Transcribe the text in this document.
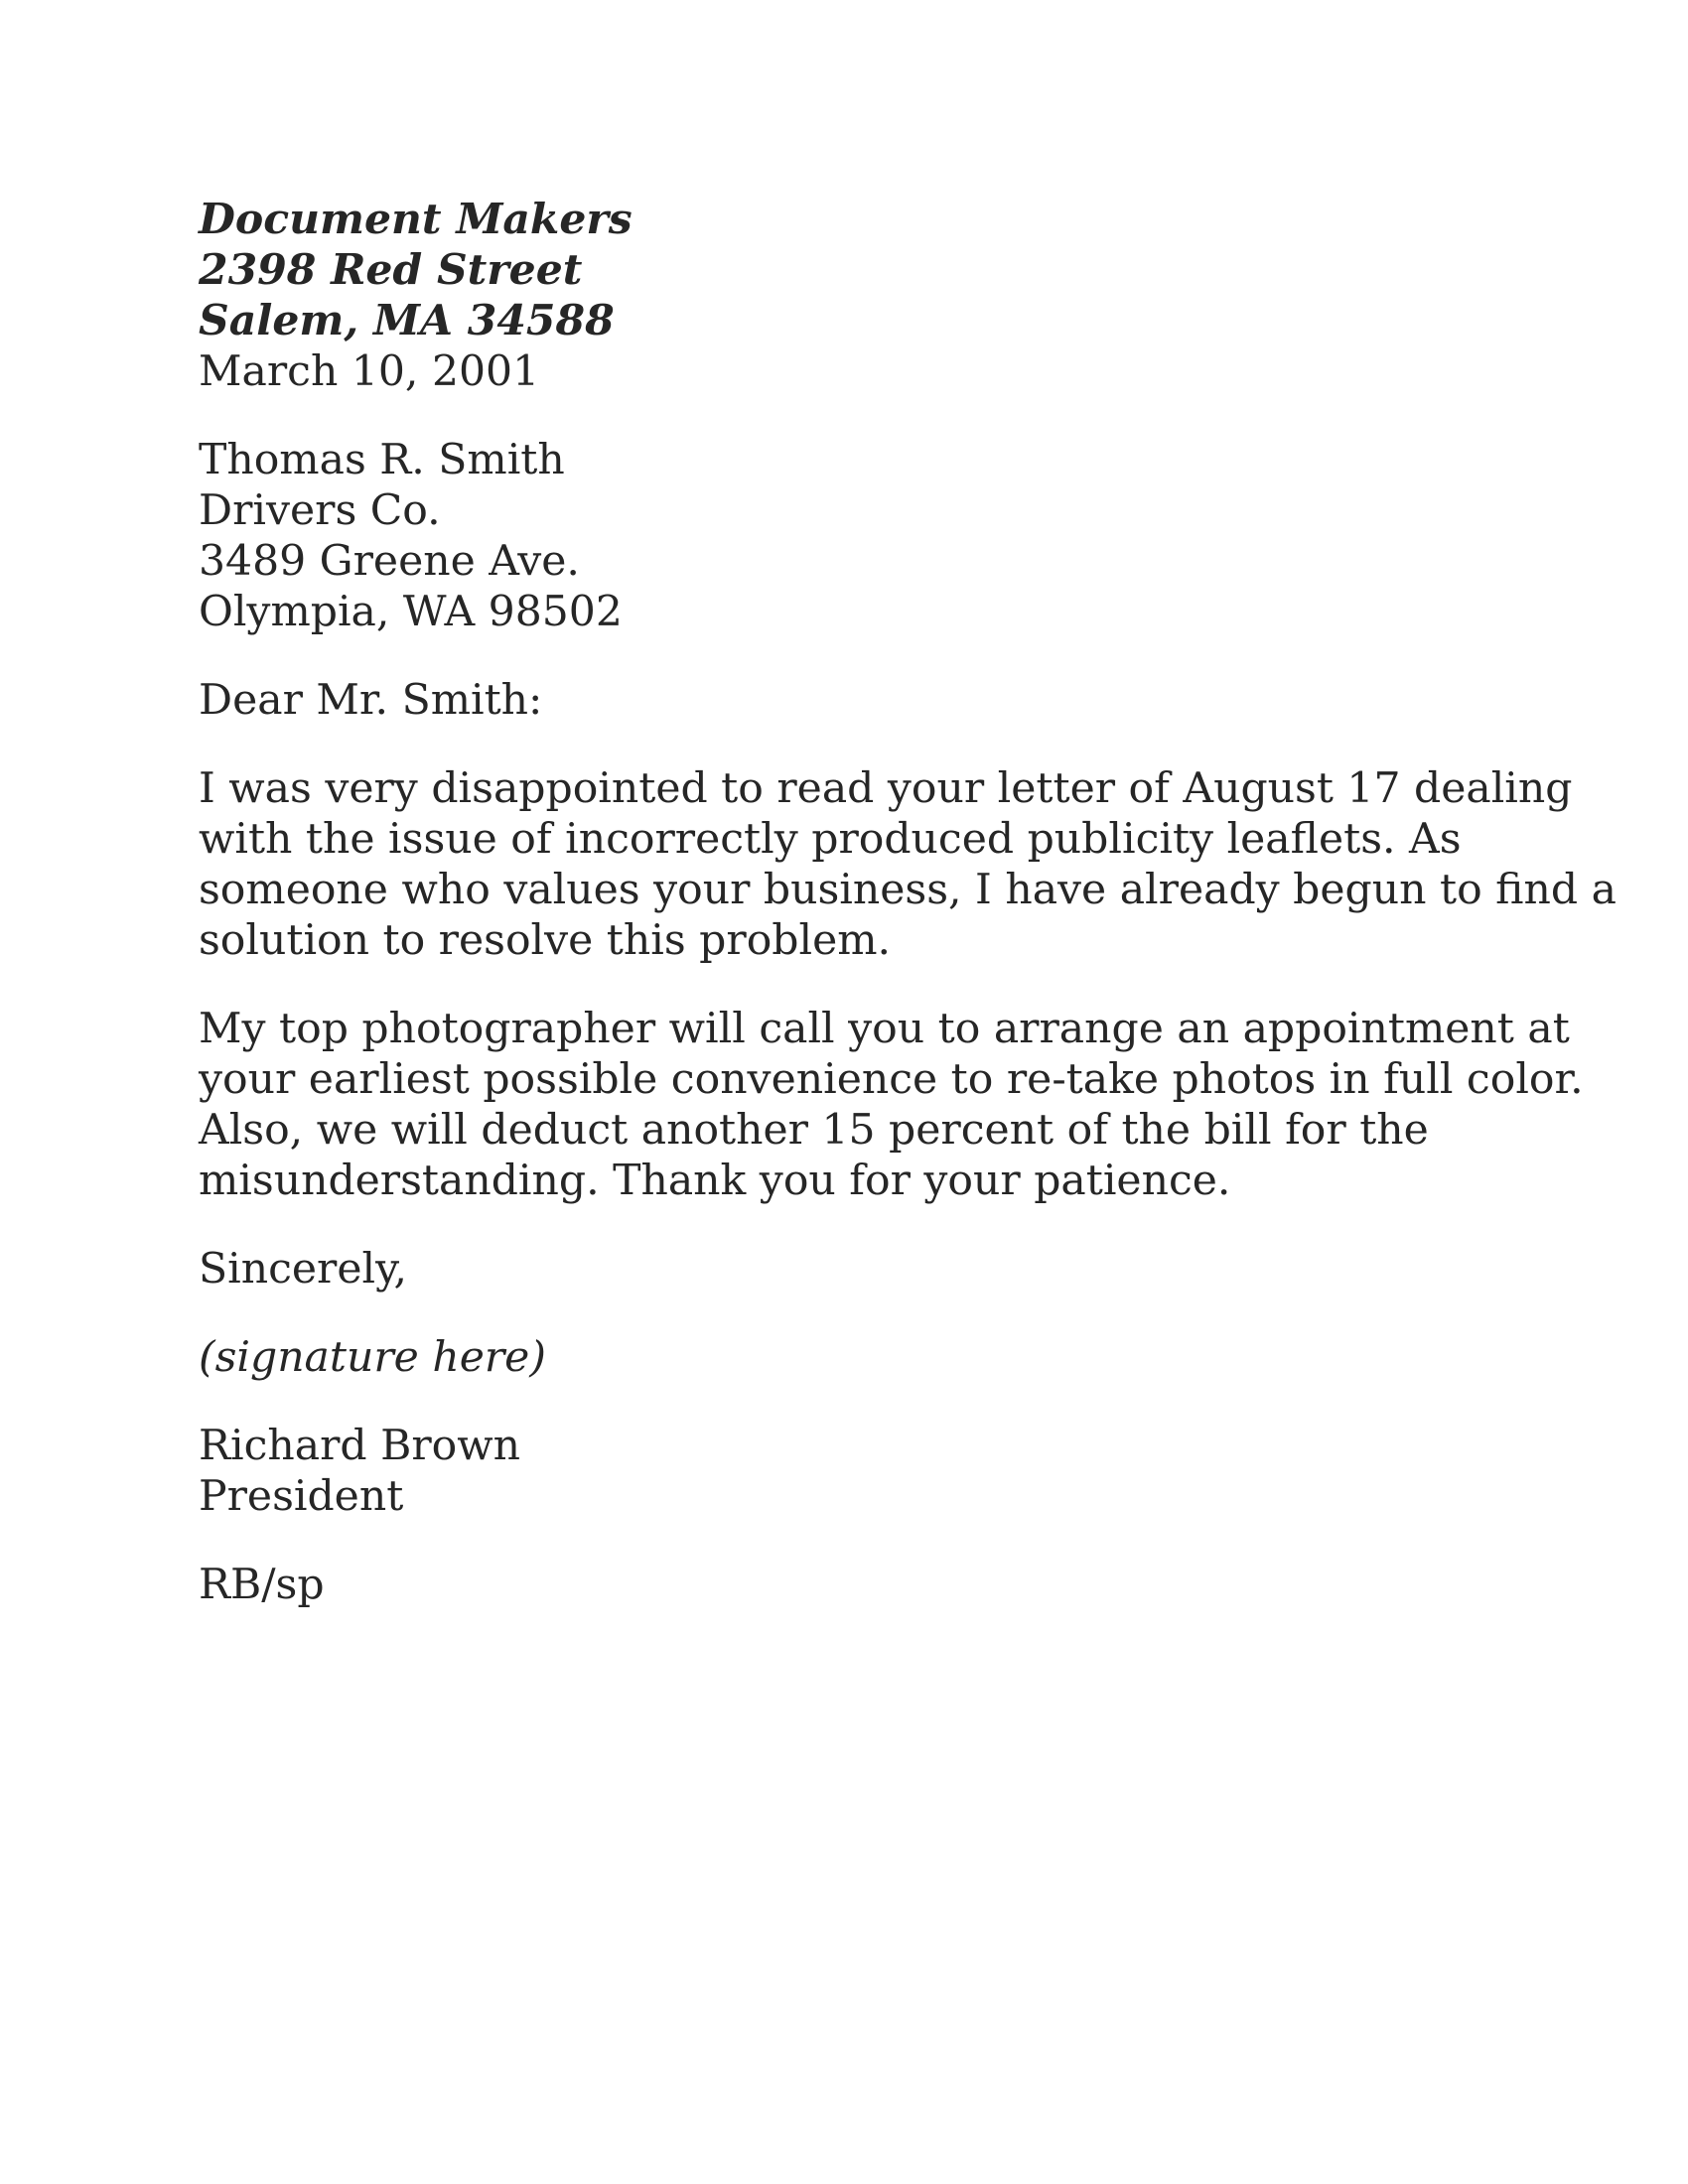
Document Makers
2398 Red Street
Salem, MA 34588
March 10, 2001
Thomas R. Smith
Drivers Co.
3489 Greene Ave.
Olympia, WA 98502
Dear Mr. Smith:
I was very disappointed to read your letter of August 17 dealing
with the issue of incorrectly produced publicity leaflets. As
someone who values your business, I have already begun to find a
solution to resolve this problem.
My top photographer will call you to arrange an appointment at
your earliest possible convenience to re-take photos in full color.
Also, we will deduct another 15 percent of the bill for the
misunderstanding. Thank you for your patience.
Sincerely,
(signature here)
Richard Brown
President
RB/sp
